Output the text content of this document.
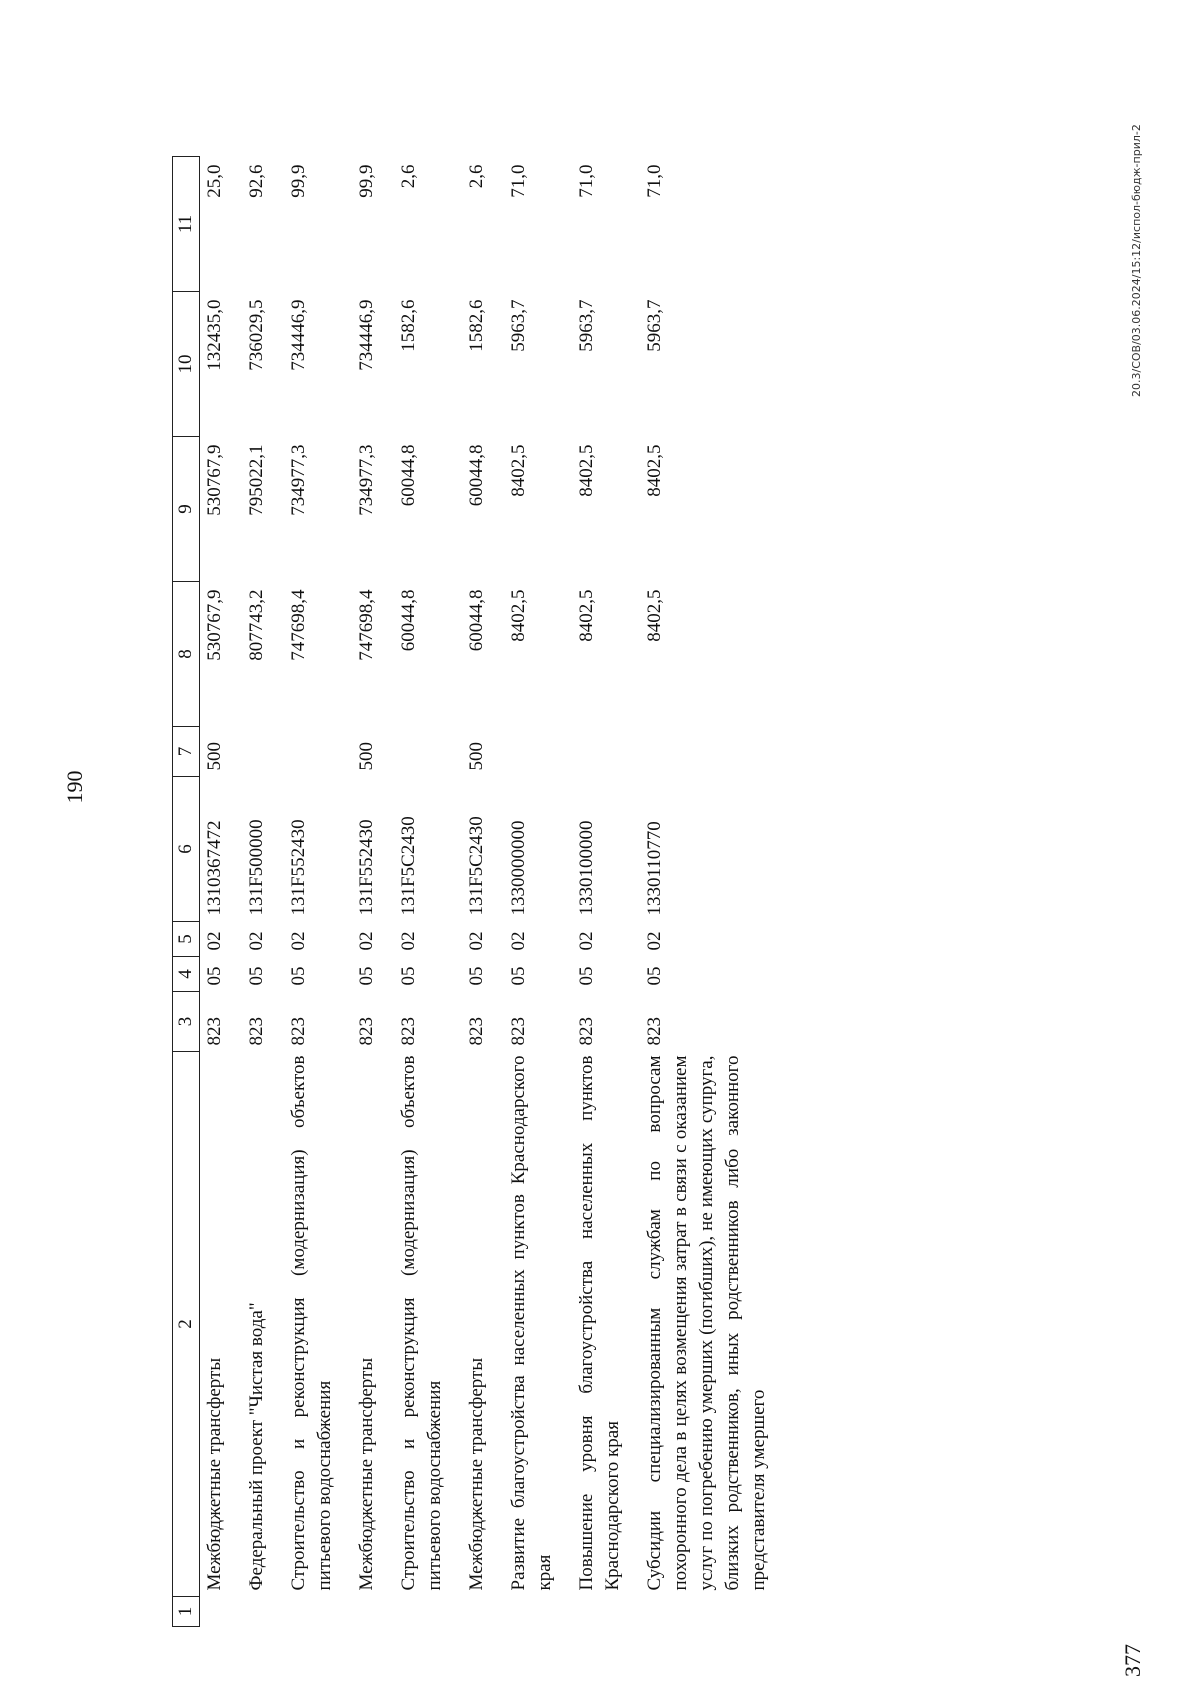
190
1	2	3	4	5	6	7	8	9	10	11
	Межбюджетные трансферты	823	05	02	1310367472	500	530767,9	530767,9	132435,0	25,0
	Федеральный проект "Чистая вода"	823	05	02	131F500000		807743,2	795022,1	736029,5	92,6
	Строительство и реконструкция (модернизация) объектов питьевого водоснабжения	823	05	02	131F552430		747698,4	734977,3	734446,9	99,9
	Межбюджетные трансферты	823	05	02	131F552430	500	747698,4	734977,3	734446,9	99,9
	Строительство и реконструкция (модернизация) объектов питьевого водоснабжения	823	05	02	131F5C2430		60044,8	60044,8	1582,6	2,6
	Межбюджетные трансферты	823	05	02	131F5C2430	500	60044,8	60044,8	1582,6	2,6
	Развитие благоустройства населенных пунктов Краснодарского края	823	05	02	1330000000		8402,5	8402,5	5963,7	71,0
	Повышение уровня благоустройства населенных пунктов Краснодарского края	823	05	02	1330100000		8402,5	8402,5	5963,7	71,0
	Субсидии специализированным службам по вопросам похоронного дела в целях возмещения затрат в связи с оказанием услуг по погребению умерших (погибших), не имеющих супруга, близких родственников, иных родственников либо законного представителя умершего	823	05	02	1330110770		8402,5	8402,5	5963,7	71,0	20.3/СОВ/03.06.2024/15:12/испол-бюдж-прил-2
377
